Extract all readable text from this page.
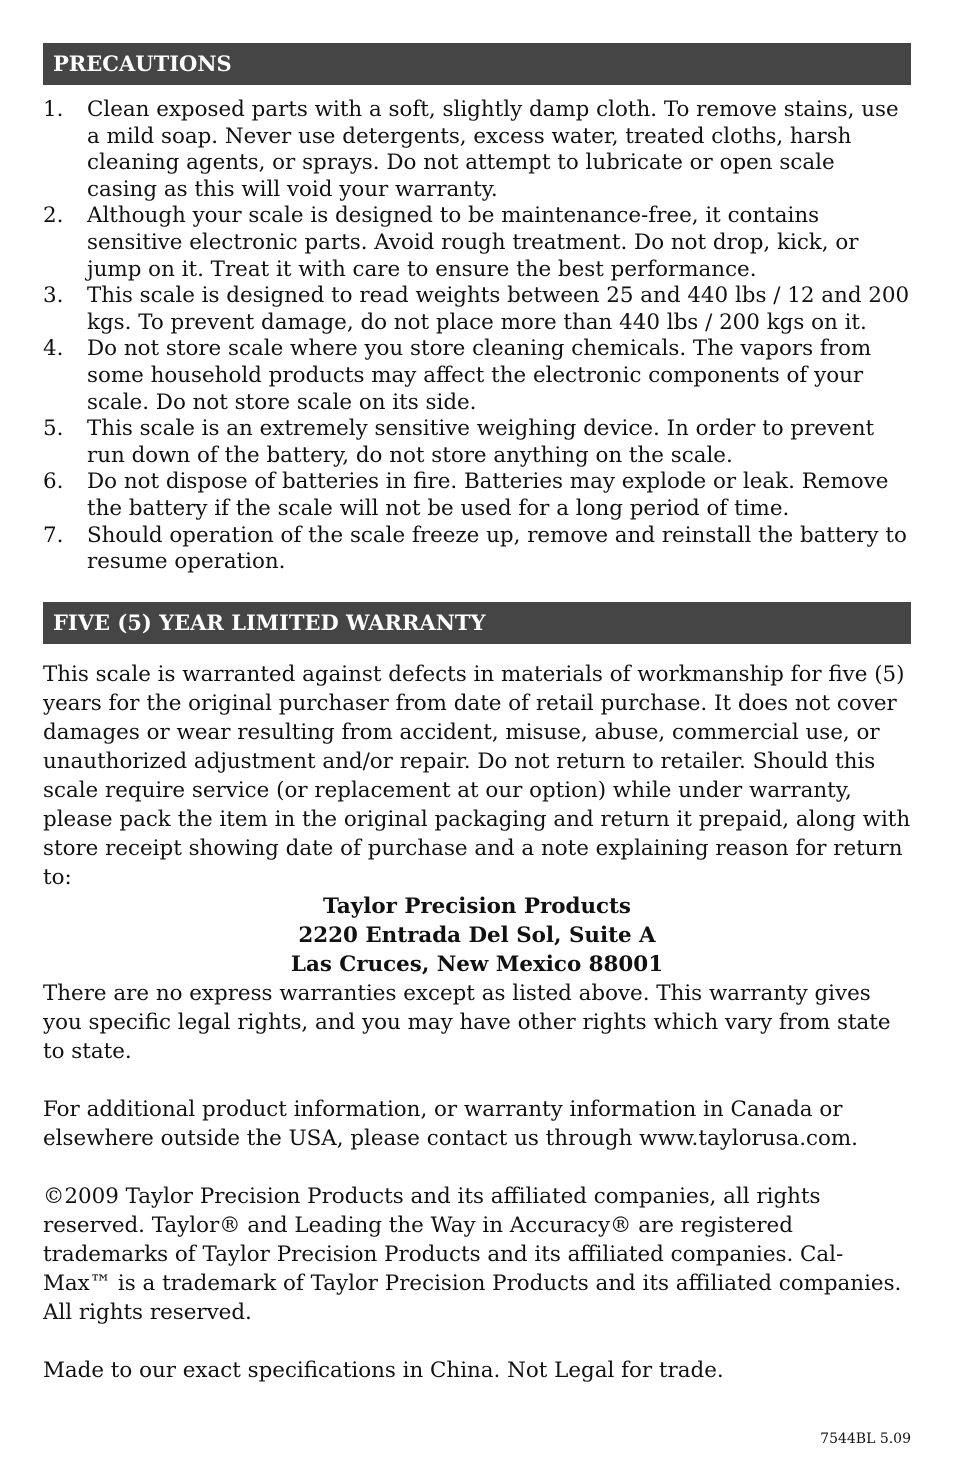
PRECAUTIONS
1. Clean exposed parts with a soft, slightly damp cloth. To remove stains, use a mild soap. Never use detergents, excess water, treated cloths, harsh cleaning agents, or sprays. Do not attempt to lubricate or open scale casing as this will void your warranty.
2. Although your scale is designed to be maintenance-free, it contains sensitive electronic parts. Avoid rough treatment. Do not drop, kick, or jump on it. Treat it with care to ensure the best performance.
3. This scale is designed to read weights between 25 and 440 lbs / 12 and 200 kgs. To prevent damage, do not place more than 440 lbs / 200 kgs on it.
4. Do not store scale where you store cleaning chemicals. The vapors from some household products may affect the electronic components of your scale. Do not store scale on its side.
5. This scale is an extremely sensitive weighing device. In order to prevent run down of the battery, do not store anything on the scale.
6. Do not dispose of batteries in fire. Batteries may explode or leak. Remove the battery if the scale will not be used for a long period of time.
7. Should operation of the scale freeze up, remove and reinstall the battery to resume operation.
FIVE (5) YEAR LIMITED WARRANTY

This scale is warranted against defects in materials of workmanship for five (5) years for the original purchaser from date of retail purchase. It does not cover damages or wear resulting from accident, misuse, abuse, commercial use, or unauthorized adjustment and/or repair. Do not return to retailer. Should this scale require service (or replacement at our option) while under warranty, please pack the item in the original packaging and return it prepaid, along with store receipt showing date of purchase and a note explaining reason for return to:

Taylor Precision Products
2220 Entrada Del Sol, Suite A
Las Cruces, New Mexico 88001

There are no express warranties except as listed above. This warranty gives you specific legal rights, and you may have other rights which vary from state to state.

For additional product information, or warranty information in Canada or elsewhere outside the USA, please contact us through www.taylorusa.com.

©2009 Taylor Precision Products and its affiliated companies, all rights reserved. Taylor® and Leading the Way in Accuracy® are registered trademarks of Taylor Precision Products and its affiliated companies. Cal-Max™ is a trademark of Taylor Precision Products and its affiliated companies. All rights reserved.

Made to our exact specifications in China. Not Legal for trade.

7544BL 5.09
